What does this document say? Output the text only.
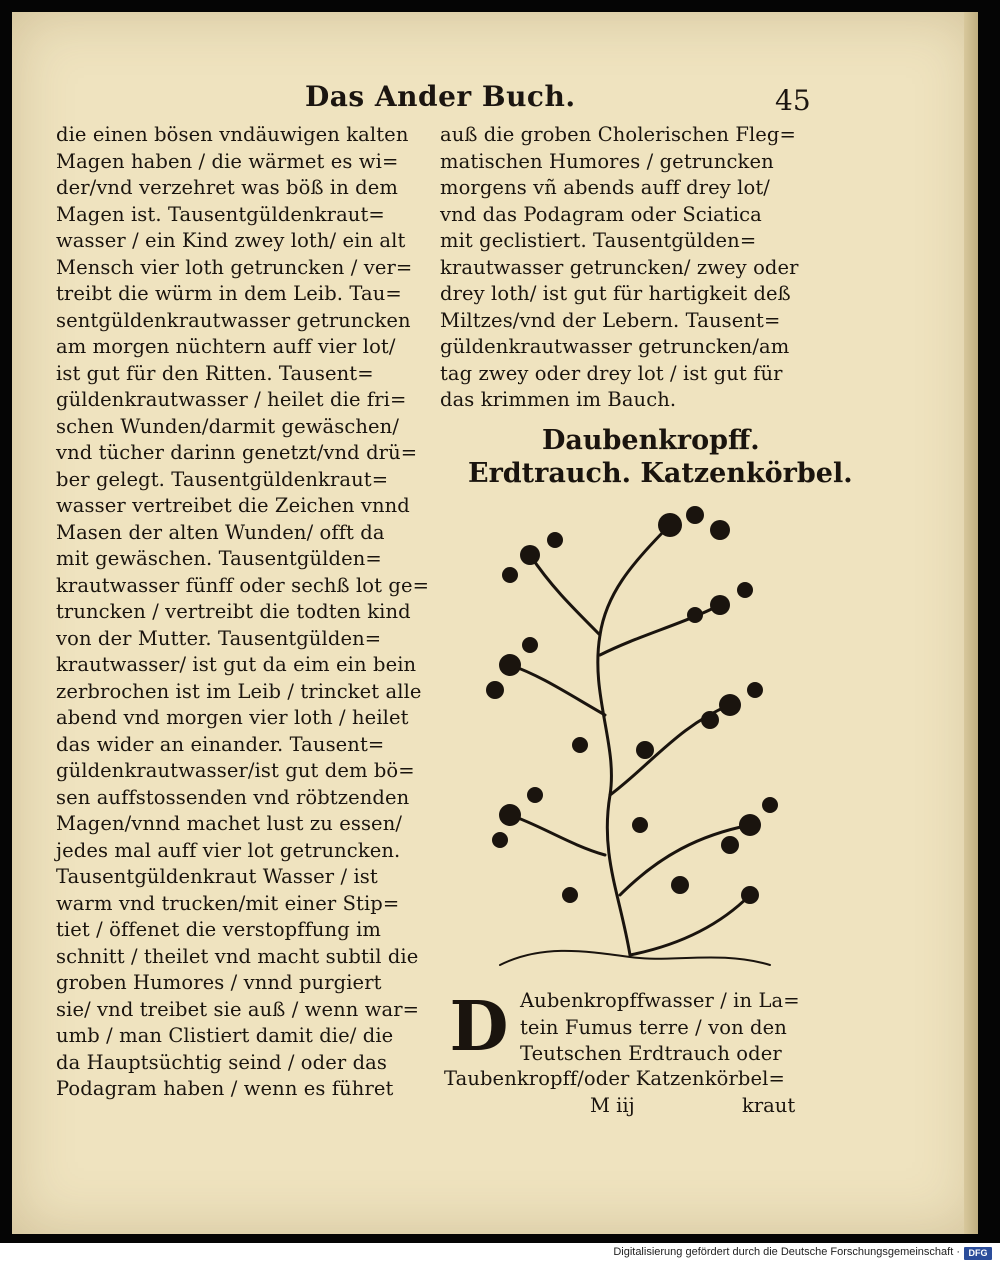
Das Ander Buch.	45
die einen bösen vndäuwigen kalten
Magen haben / die wärmet es wi=
der/vnd verzehret was böß in dem
Magen ist. Tausentgüldenkraut=
wasser / ein Kind zwey loth/ ein alt
Mensch vier loth getruncken / ver=
treibt die würm in dem Leib. Tau=
sentgüldenkrautwasser getruncken
am morgen nüchtern auff vier lot/
ist gut für den Ritten. Tausent=
güldenkrautwasser / heilet die fri=
schen Wunden/darmit gewäschen/
vnd tücher darinn genetzt/vnd drü=
ber gelegt. Tausentgüldenkraut=
wasser vertreibet die Zeichen vnnd
Masen der alten Wunden/ offt da
mit gewäschen. Tausentgülden=
krautwasser fünff oder sechß lot ge=
truncken / vertreibt die todten kind
von der Mutter. Tausentgülden=
krautwasser/ ist gut da eim ein bein
zerbrochen ist im Leib / trincket alle
abend vnd morgen vier loth / heilet
das wider an einander. Tausent=
güldenkrautwasser/ist gut dem bö=
sen auffstossenden vnd röbtzenden
Magen/vnnd machet lust zu essen/
jedes mal auff vier lot getruncken.
Tausentgüldenkraut Wasser / ist
warm vnd trucken/mit einer Stip=
tiet / öffenet die verstopffung im
schnitt / theilet vnd macht subtil die
groben Humores / vnnd purgiert
sie/ vnd treibet sie auß / wenn war=
umb / man Clistiert damit die/ die
da Hauptsüchtig seind / oder das
Podagram haben / wenn es führet
auß die groben Cholerischen Fleg=
matischen Humores / getruncken
morgens vñ abends auff drey lot/
vnd das Podagram oder Sciatica
mit geclistiert. Tausentgülden=
krautwasser getruncken/ zwey oder
drey loth/ ist gut für hartigkeit deß
Miltzes/vnd der Lebern. Tausent=
güldenkrautwasser getruncken/am
tag zwey oder drey lot / ist gut für
das krimmen im Bauch.
Daubenkropff.
Erdtrauch. Katzenkörbel.
D Aubenkropffwasser / in La=
tein Fumus terre / von den
Teutschen Erdtrauch oder
Taubenkropff/oder Katzenkörbel=
M iij	kraut
Digitalisierung gefördert durch die Deutsche Forschungsgemeinschaft · DFG
